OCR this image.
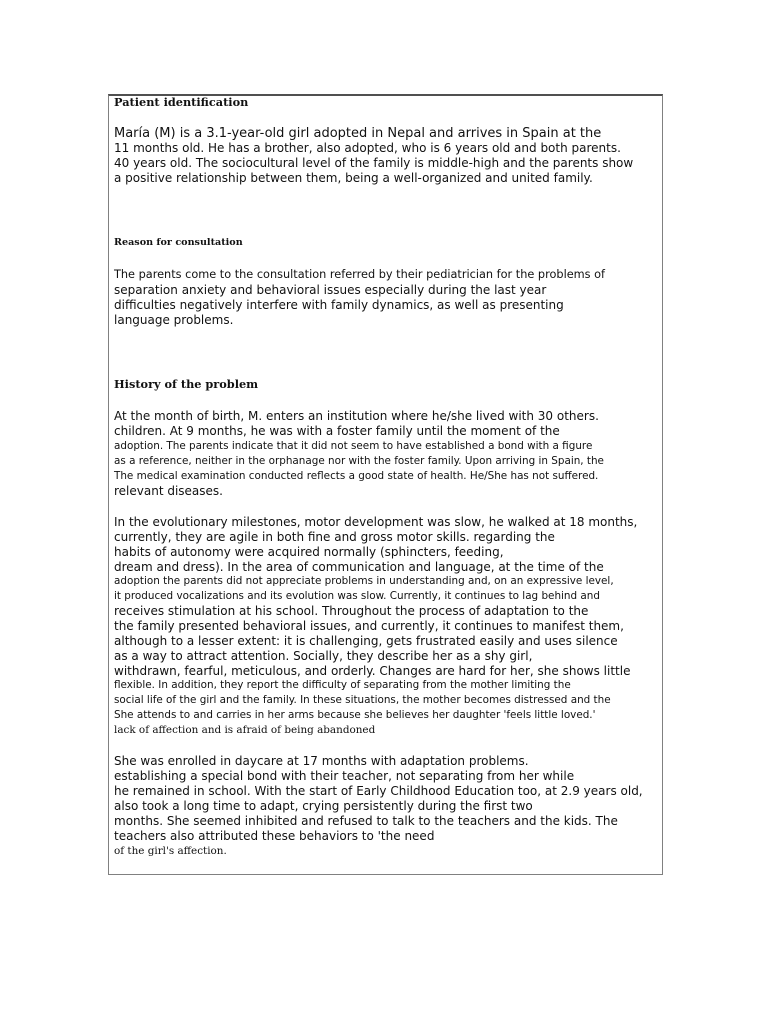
Patient identification
María (M) is a 3.1-year-old girl adopted in Nepal and arrives in Spain at the
11 months old. He has a brother, also adopted, who is 6 years old and both parents.
40 years old. The sociocultural level of the family is middle-high and the parents show
a positive relationship between them, being a well-organized and united family.
Reason for consultation
The parents come to the consultation referred by their pediatrician for the problems of
separation anxiety and behavioral issues especially during the last year
difficulties negatively interfere with family dynamics, as well as presenting
language problems.
History of the problem
At the month of birth, M. enters an institution where he/she lived with 30 others.
children. At 9 months, he was with a foster family until the moment of the
adoption. The parents indicate that it did not seem to have established a bond with a figure
as a reference, neither in the orphanage nor with the foster family. Upon arriving in Spain, the
The medical examination conducted reflects a good state of health. He/She has not suffered.
relevant diseases.
In the evolutionary milestones, motor development was slow, he walked at 18 months,
currently, they are agile in both fine and gross motor skills. regarding the
habits of autonomy were acquired normally (sphincters, feeding,
dream and dress). In the area of communication and language, at the time of the
adoption the parents did not appreciate problems in understanding and, on an expressive level,
it produced vocalizations and its evolution was slow. Currently, it continues to lag behind and
receives stimulation at his school. Throughout the process of adaptation to the
the family presented behavioral issues, and currently, it continues to manifest them,
although to a lesser extent: it is challenging, gets frustrated easily and uses silence
as a way to attract attention. Socially, they describe her as a shy girl,
withdrawn, fearful, meticulous, and orderly. Changes are hard for her, she shows little
flexible. In addition, they report the difficulty of separating from the mother limiting the
social life of the girl and the family. In these situations, the mother becomes distressed and the
She attends to and carries in her arms because she believes her daughter 'feels little loved.'
lack of affection and is afraid of being abandoned
She was enrolled in daycare at 17 months with adaptation problems.
establishing a special bond with their teacher, not separating from her while
he remained in school. With the start of Early Childhood Education too, at 2.9 years old,
also took a long time to adapt, crying persistently during the first two
months. She seemed inhibited and refused to talk to the teachers and the kids. The
teachers also attributed these behaviors to 'the need
of the girl's affection.
